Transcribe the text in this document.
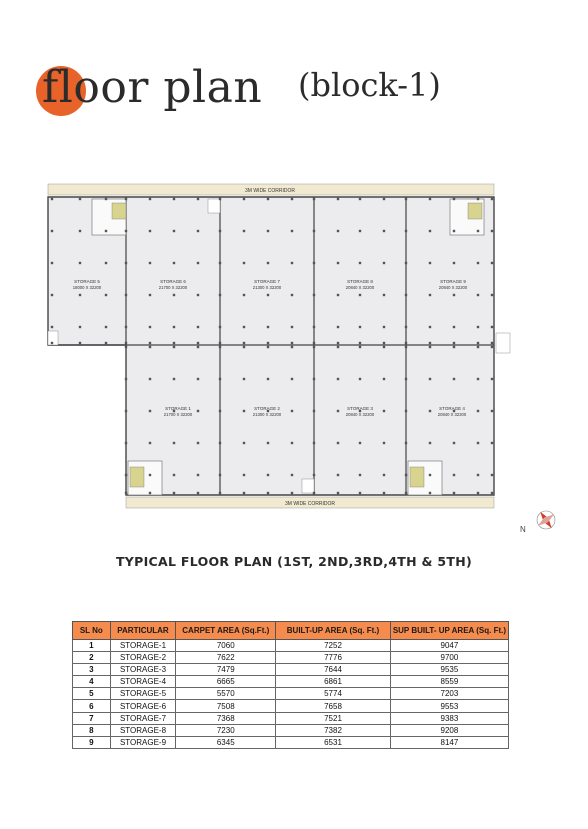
floor plan (block-1)
3M WIDE CORRIDOR
3M WIDE CORRIDOR
STORAGE 5
18000 X 32200
STORAGE 6
21700 X 32200
STORAGE 7
21300 X 32200
STORAGE 8
20840 X 32200
STORAGE 9
20840 X 32200
STORAGE 1
21700 X 32200
STORAGE 2
21300 X 32200
STORAGE 3
20840 X 32200
STORAGE 4
20840 X 32200
N
TYPICAL FLOOR PLAN (1ST, 2ND,3RD,4TH & 5TH)
SL No	PARTICULAR	CARPET AREA (Sq.Ft.)	BUILT-UP AREA (Sq. Ft.)	SUP BUILT- UP AREA (Sq. Ft.)
1	STORAGE-1	7060	7252	9047
2	STORAGE-2	7622	7776	9700
3	STORAGE-3	7479	7644	9535
4	STORAGE-4	6665	6861	8559
5	STORAGE-5	5570	5774	7203
6	STORAGE-6	7508	7658	9553
7	STORAGE-7	7368	7521	9383
8	STORAGE-8	7230	7382	9208
9	STORAGE-9	6345	6531	8147
